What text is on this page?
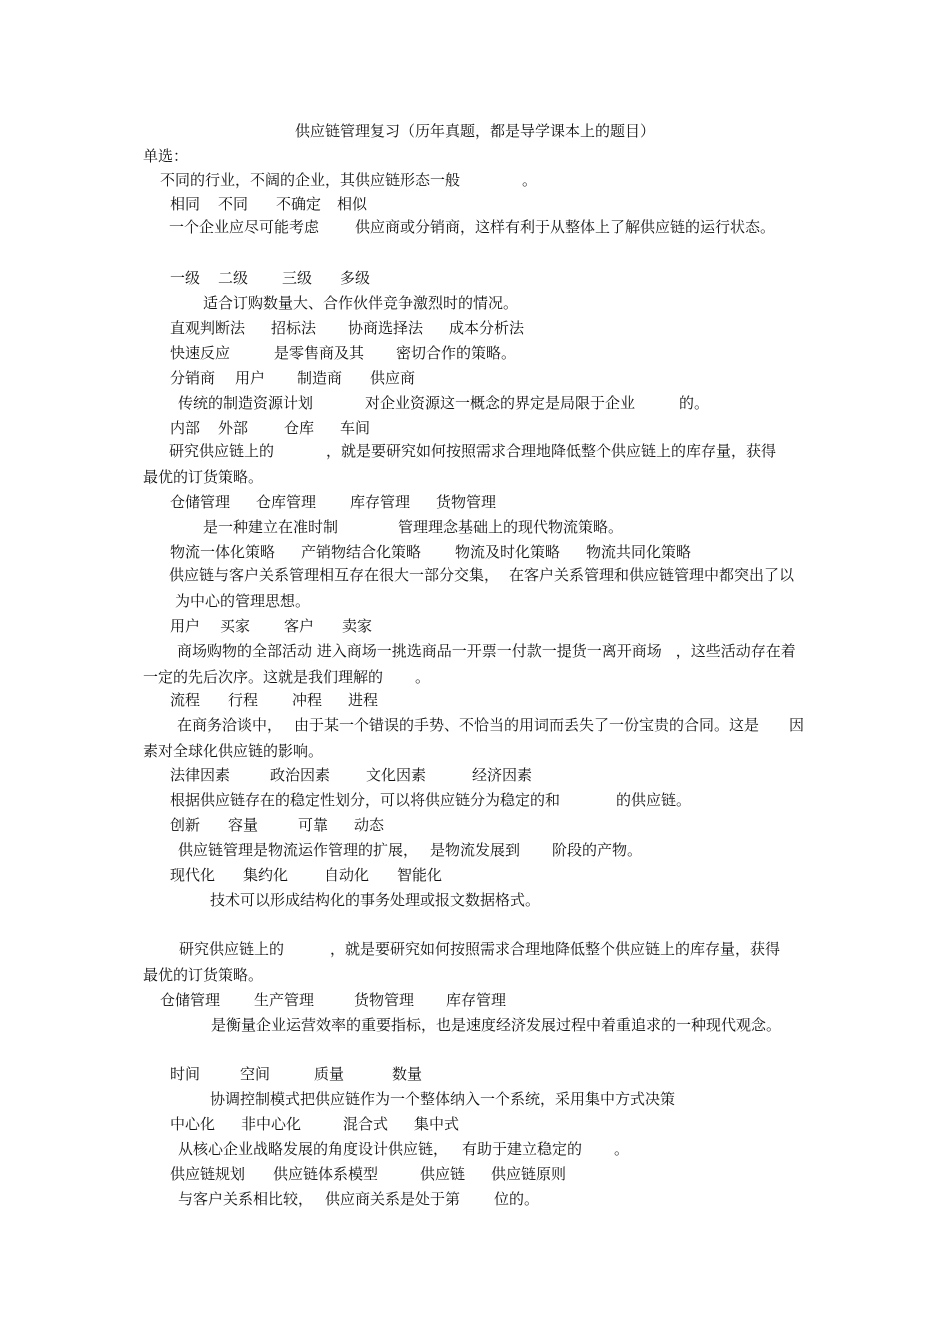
供应链管理复习（历年真题，都是导学课本上的题目）
单选：
不同的行业，不阔的企业，其供应链形态一般	。
相同 不同 不确定 相似
一个企业应尽可能考虑 供应商或分销商，这样有利于从整体上了解供应链的运行状态。
一级 二级 三级 多级
适合订购数量大、合作伙伴竞争激烈时的情况。
直观判断法 招标法 协商选择法 成本分析法
快速反应	是零售商及其 密切合作的策略。
分销商 用户 制造商 供应商
传统的制造资源计划	对企业资源这一概念的界定是局限于企业	的。
内部 外部 仓库 车间
研究供应链上的	，就是要研究如何按照需求合理地降低整个供应链上的库存量，获得最优的订货策略。
仓储管理 仓库管理 库存管理 货物管理
是一种建立在准时制	管理理念基础上的现代物流策略。
物流一体化策略 产销物结合化策略 物流及时化策略 物流共同化策略
供应链与客户关系管理相互存在很大一部分交集， 在客户关系管理和供应链管理中都突出了以为中心的管理思想。
用户 买家 客户 卖家
商场购物的全部活动 进入商场一挑选商品一开票一付款一提货一离开商场 ，这些活动存在着一定的先后次序。这就是我们理解的 。
流程 行程 冲程 进程
在商务洽谈中， 由于某一个错误的手势、不恰当的用词而丢失了一份宝贵的合同。这是 因素对全球化供应链的影响。
法律因素	政治因素 文化因素	经济因素
根据供应链存在的稳定性划分，可以将供应链分为稳定的和	的供应链。
创新 容量	可靠 动态
供应链管理是物流运作管理的扩展， 是物流发展到 阶段的产物。
现代化 集约化 自动化 智能化
技术可以形成结构化的事务处理或报文数据格式。
研究供应链上的	，就是要研究如何按照需求合理地降低整个供应链上的库存量，获得最优的订货策略。
仓储管理 生产管理	货物管理 库存管理
是衡量企业运营效率的重要指标，也是速度经济发展过程中着重追求的一种现代观念。
时间	空间	质量	数量
协调控制模式把供应链作为一个整体纳入一个系统，采用集中方式决策
中心化 非中心化	混合式 集中式
从核心企业战略发展的角度设计供应链， 有助于建立稳定的 。
供应链规划 供应链体系模型	供应链 供应链原则
与客户关系相比较， 供应商关系是处于第 位的。
